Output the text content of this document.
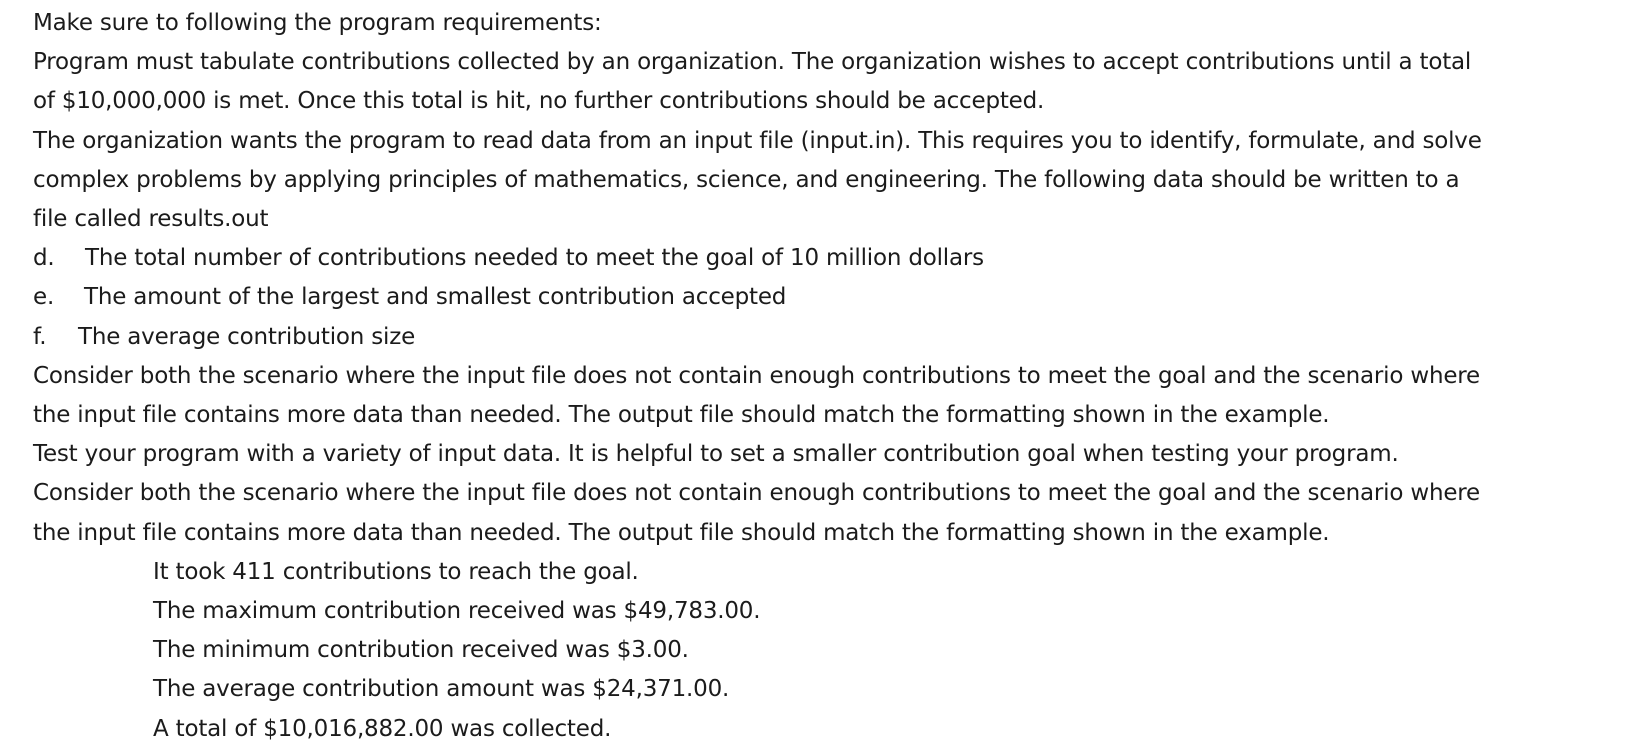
Make sure to following the program requirements:

Program must tabulate contributions collected by an organization. The organization wishes to accept contributions until a total

of $10,000,000 is met. Once this total is hit, no further contributions should be accepted.

The organization wants the program to read data from an input file (input.in). This requires you to identify, formulate, and solve

complex problems by applying principles of mathematics, science, and engineering. The following data should be written to a

file called results.out

d.	The total number of contributions needed to meet the goal of 10 million dollars
e.	The amount of the largest and smallest contribution accepted
f.	The average contribution size

Consider both the scenario where the input file does not contain enough contributions to meet the goal and the scenario where

the input file contains more data than needed. The output file should match the formatting shown in the example.

Test your program with a variety of input data. It is helpful to set a smaller contribution goal when testing your program.

Consider both the scenario where the input file does not contain enough contributions to meet the goal and the scenario where

the input file contains more data than needed. The output file should match the formatting shown in the example.

It took 411 contributions to reach the goal.

The maximum contribution received was $49,783.00.

The minimum contribution received was $3.00.

The average contribution amount was $24,371.00.

A total of $10,016,882.00 was collected.
